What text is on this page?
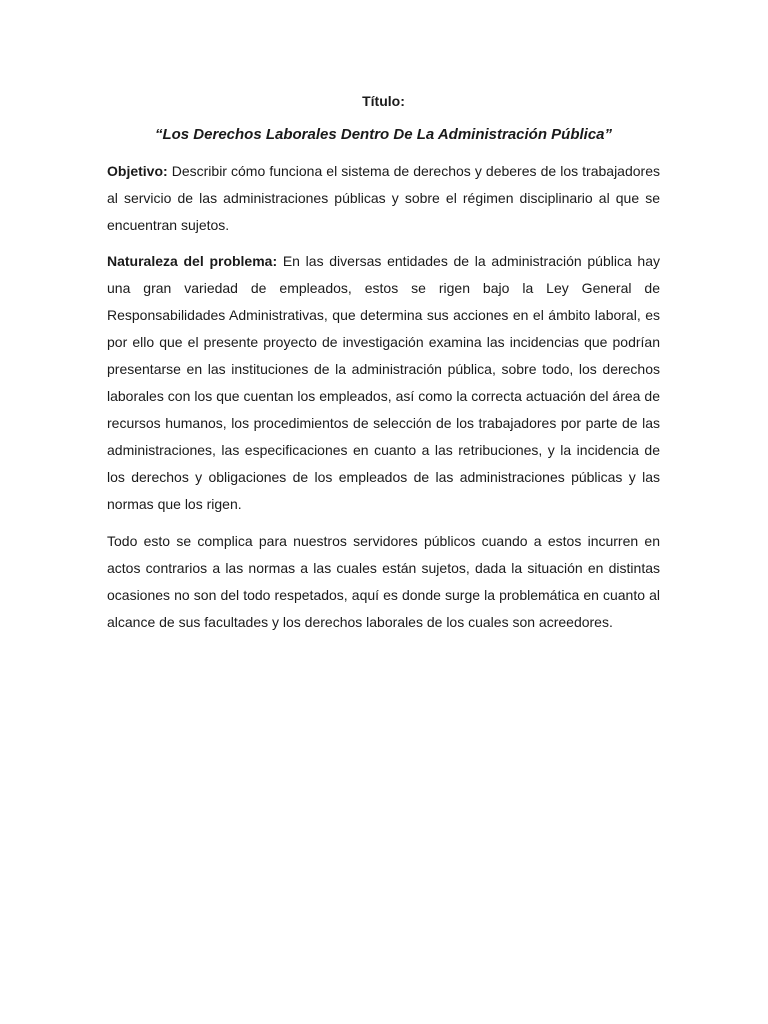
Título:

“Los Derechos Laborales Dentro De La Administración Pública”

Objetivo: Describir cómo funciona el sistema de derechos y deberes de los trabajadores al servicio de las administraciones públicas y sobre el régimen disciplinario al que se encuentran sujetos.

Naturaleza del problema: En las diversas entidades de la administración pública hay una gran variedad de empleados, estos se rigen bajo la Ley General de Responsabilidades Administrativas, que determina sus acciones en el ámbito laboral, es por ello que el presente proyecto de investigación examina las incidencias que podrían presentarse en las instituciones de la administración pública, sobre todo, los derechos laborales con los que cuentan los empleados, así como la correcta actuación del área de recursos humanos, los procedimientos de selección de los trabajadores por parte de las administraciones, las especificaciones en cuanto a las retribuciones, y la incidencia de los derechos y obligaciones de los empleados de las administraciones públicas y las normas que los rigen.

Todo esto se complica para nuestros servidores públicos cuando a estos incurren en actos contrarios a las normas a las cuales están sujetos, dada la situación en distintas ocasiones no son del todo respetados, aquí es donde surge la problemática en cuanto al alcance de sus facultades y los derechos laborales de los cuales son acreedores.
